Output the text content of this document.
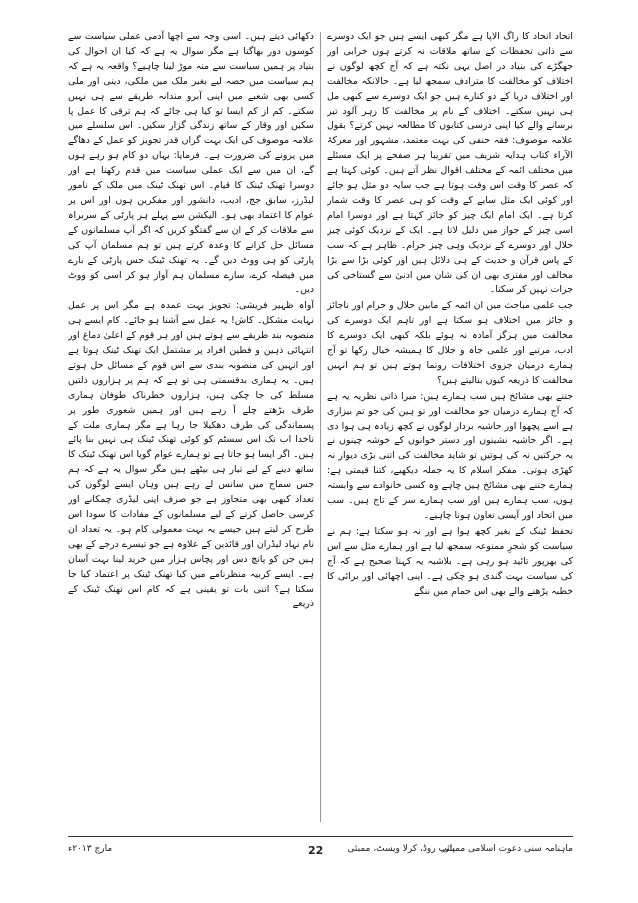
اتحاد اتحاد کا راگ الاپا ہے مگر کبھی ایسے ہیں جو ایک دوسرے سے ذاتی تحفظات کے ساتھ ملاقات نہ کرتے ہوں خرابی اور جھگڑے کی بنیاد در اصل یہی نکتہ ہے کہ آج کچھ لوگوں نے اختلاف کو مخالفت کا مترادف سمجھ لیا ہے۔ حالانکہ مخالفت اور اختلاف دریا کے دو کنارے ہیں جو ایک دوسرے سے کبھی مل ہی نہیں سکتے۔ اختلاف کے نام پر مخالفت کا زہر آلود تیر برسانے والے کیا اپنی درسی کتابوں کا مطالعہ نہیں کرتے؟ بقول علامہ موصوف: فقہ حنفی کی بہت معتمد، مشہور اور معرکۃ الآراء کتاب ہدایہ شریف میں تقریبا ہر صفحے پر ایک مسئلے میں مختلف ائمہ کے مختلف اقوال نظر آتے ہیں۔ کوئی کہتا ہے کہ عصر کا وقت اس وقت ہوتا ہے جب سایہ دو مثل ہو جائے اور کوئی ایک مثل سایے کے وقت کو ہی عصر کا وقت شمار کرتا ہے۔ ایک امام ایک چیز کو جائز کہتا ہے اور دوسرا امام اسی چیز کے جواز میں دلیل لاتا ہے۔ ایک کے نزدیک کوئی چیز حلال اور دوسرے کے نزدیک وہی چیز حرام۔ ظاہر ہے کہ سب کے پاس قرآن و حدیث کے ہی دلائل ہیں اور کوئی بڑا سے بڑا مخالف اور مفتری بھی ان کی شان میں ادنیٰ سے گستاخی کی جرات نہیں کر سکتا۔

جب علمی مباحث میں ان ائمہ کے مابین حلال و حرام اور ناجائز و جائز میں اختلاف ہو سکتا ہے اور تاہم ایک دوسرے کی مخالفت میں ہرگز آمادہ نہ ہوئے بلکہ کبھی ایک دوسرے کا ادب، مرتبے اور علمی جاہ و جلال کا ہمیشہ خیال رکھا تو آج ہمارے درمیان جزوی اختلافات رونما ہوتے ہیں تو ہم انہیں مخالفت کا ذریعہ کیوں بنالیتے ہیں؟

جتنے بھی مشائخ ہیں سب ہمارے ہیں: میرا ذاتی نظریہ یہ ہے کہ آج ہمارے درمیان جو مخالفت اور تو ہین کی جو تم بیزاری ہے اسے پچھوا اور حاشیہ بردار لوگوں نے کچھ زیادہ ہی ہوا دی ہے۔ اگر حاشیہ نشینوں اور دستر خوانوں کے خوشہ چینوں نے یہ حرکتیں نہ کی ہوتیں تو شاید مخالفت کی اتنی بڑی دیوار نہ کھڑی ہوتی۔ مفکر اسلام کا یہ جملہ دیکھیے، کتنا قیمتی ہے: ہمارے جتنے بھی مشائخ ہیں چاہے وہ کسی خانوادے سے وابستہ ہوں، سب ہمارے ہیں اور سب ہمارے سر کے تاج ہیں۔ سب میں اتحاد اور آپسی تعاون ہونا چاہیے۔

تحفظ ٹینک کے بغیر کچھ ہوا ہے اور نہ ہو سکتا ہے: ہم نے سیاست کو شجرِ ممنوعہ سمجھ لیا ہے اور ہمارے مثل سے اس کی بھرپور تائید ہو رہی ہے۔ بلاشبہ یہ کہنا صحیح ہے کہ آج کی سیاست بہت گندی ہو چکی ہے۔ اپنی اچھائی اور برائی کا خطبہ پڑھنے والے بھی اس حمام میں ننگے

دکھائی دیتے ہیں۔ اسی وجہ سے اچھا آدمی عملی سیاست سے کوسوں دور بھاگتا ہے مگر سوال یہ ہے کہ کیا ان احوال کی بنیاد پر ہمیں سیاست سے منہ موڑ لینا چاہیے؟ واقعہ یہ ہے کہ ہم سیاست میں حصہ لیے بغیر ملک میں ملکی، دینی اور ملی کسی بھی شعبے میں اپنی آبرو مندانہ طریقے سے ہی نہیں سکتے۔ کم از کم ایسا تو کیا ہی جائے کہ ہم ترقی کا عمل پا سکیں اور وقار کے ساتھ زندگی گزار سکیں۔ اس سلسلے میں علامہ موصوف کی ایک بہت گراں قدر تجویز کو عمل کے دھاگے میں پرونے کی ضرورت ہے۔ فرمایا: یہاں دو کام ہو رہے ہوں گے، ان میں سے ایک عملی سیاست میں قدم رکھنا ہے اور دوسرا تھنک ٹینک کا قیام۔ اس تھنک ٹینک میں ملک کے نامور لیڈرز، سابق جج، ادیب، دانشور اور مفکرین ہوں اور اس پر عوام کا اعتماد بھی ہو۔ الیکشن سے پہلے ہر پارٹی کے سربراہ سے ملاقات کر کے ان سے گفتگو کریں کہ اگر آپ مسلمانوں کے مسائل حل کرانے کا وعدہ کرتے ہیں تو ہم مسلمان آپ کی پارٹی کو ہی ووٹ دیں گے۔ یہ تھنک ٹینک جس پارٹی کے بارے میں فیصلہ کرے، سارے مسلمان ہم آواز ہو کر اسی کو ووٹ دیں۔

آواہ ظہیر فریشی: تجویز بہت عمدہ ہے مگر اس پر عمل نہایت مشکل۔ کاش! یہ عمل سے آشنا ہو جائے۔ کام ایسے ہی منصوبہ بند طریقے سے ہوتے ہیں اور ہر قوم کے اعلیٰ دماغ اور انتہائی ذہین و فطین افراد پر مشتمل ایک تھنک ٹینک ہوتا ہے اور انہیں کی منصوبہ بندی سے اس قوم کے مسائل حل ہوتے ہیں۔ یہ ہماری بدقسمتی ہی تو ہے کہ ہم پر ہزاروں ذلتیں مسلط کی جا چکی ہیں، ہزاروں خطرناک طوفان ہماری طرف بڑھتے چلے آ رہے ہیں اور ہمیں شعوری طور پر پسماندگی کی طرف دھکیلا جا رہا ہے مگر ہماری ملت کے ناخدا اب تک اس سسٹم کو کوئی تھنک ٹینک ہی نہیں بنا پائے ہیں۔ اگر ایسا ہو جاتا ہے تو ہمارے عوام گویا اس تھنک ٹینک کا ساتھ دینے کے لیے تیار ہی بیٹھے ہیں مگر سوال یہ ہے کہ ہم جس سماج میں سانس لے رہے ہیں وہاں ایسے لوگوں کی تعداد کبھی بھی متجاوز ہے جو صرف اپنی لیڈری چمکانے اور کرسی حاصل کرنے کے لیے مسلمانوں کے مفادات کا سودا اس طرح کر لیتے ہیں جیسے یہ بہت معمولی کام ہو۔ یہ تعداد ان نام نہاد لیڈران اور قائدین کے علاوہ ہے جو تیسرے درجے کے بھی ہیں جن کو پانچ دس اور پچاس ہزار میں خرید لینا بہت آسان ہے۔ ایسے کربیہ منظرنامے میں کیا تھنک ٹینک پر اعتماد کیا جا سکتا ہے؟ اتنی بات تو یقینی ہے کہ کام اس تھنک ٹینک کے ذریعے

ماہنامہ سنی دعوت اسلامی ممبئی
پائپ روڈ، کرلا ویسٹ، ممبئی
22
مارچ ۲۰۱۳ء
